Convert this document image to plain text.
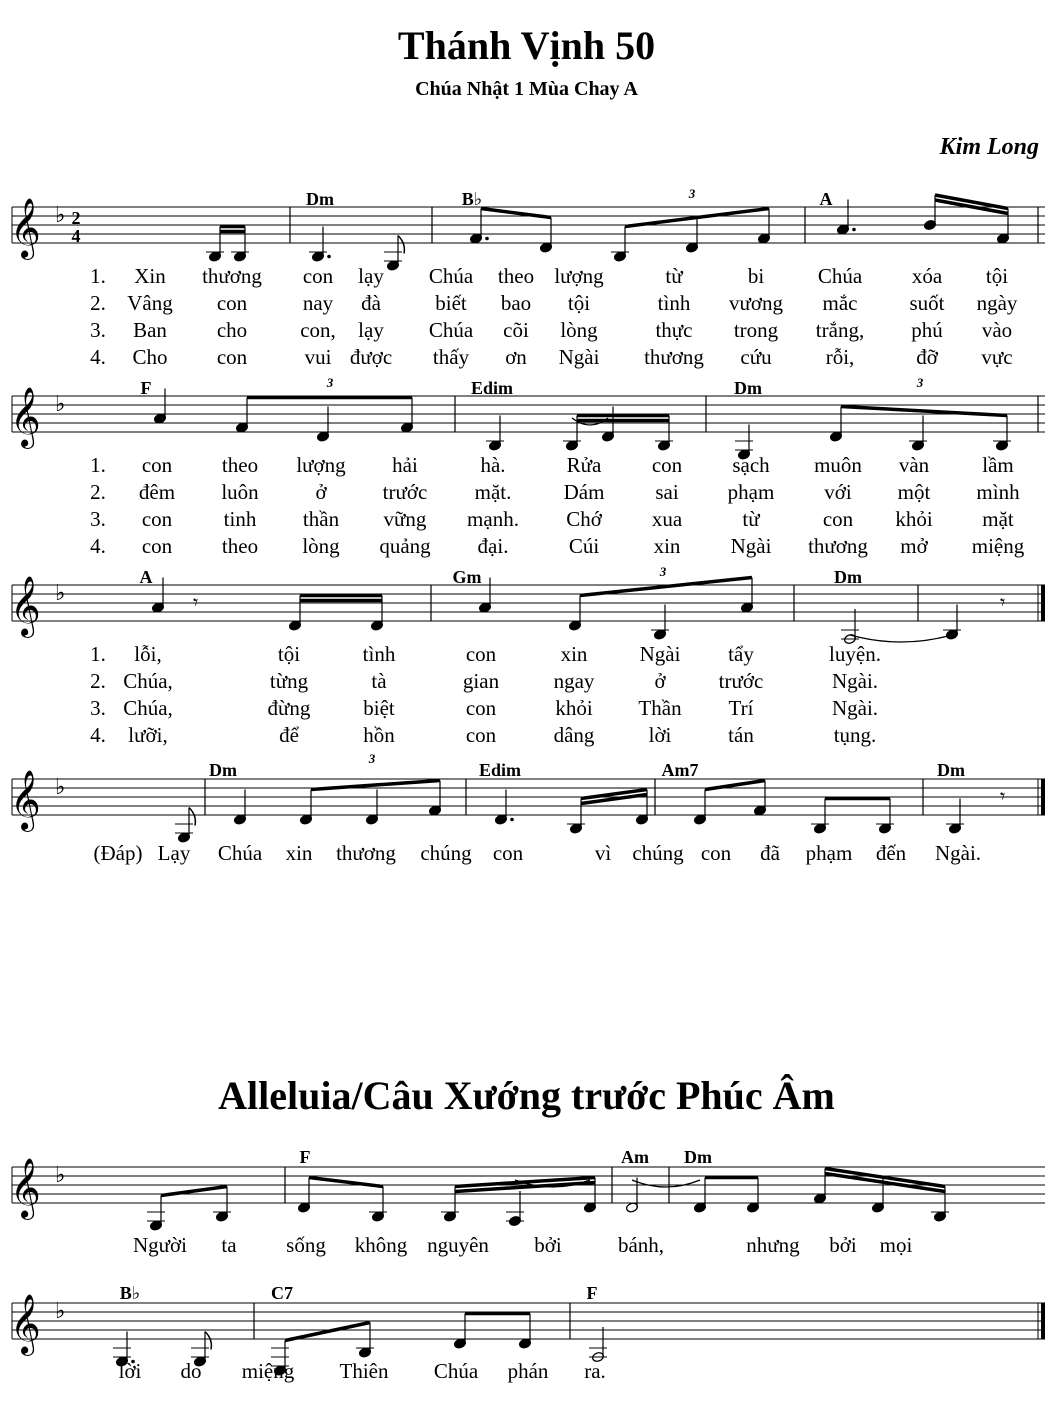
Thánh Vịnh 50
Chúa Nhật 1 Mùa Chay A
Kim Long
Alleluia/Câu Xướng trước Phúc Âm
𝄞 ♭ 2
4
3
Dm	B♭	A
1. Xin thương con lạy Chúa theo lượng	từ	bi	Chúa xóa tội
2. Vâng con	nay đà	biết bao tội	tình vương mắc suốt ngày
3. Ban cho	con, lạy Chúa cõi lòng	thực trong trắng, phú vào
4. Cho con	vui được thấy ơn Ngài thương cứu	rỗi,	đỡ vực
𝄞 ♭
3	3
F	Edim	Dm
1. con theo lượng hải	hà.	Rửa con sạch muôn vàn	lầm
2. đêm luôn	ở	trước mặt. Dám sai phạm với một mình
3. con tinh thần vững mạnh. Chớ xua	từ	con khỏi mặt
4. con theo lòng quảng đại.	Cúi	xin Ngài thương mở miệng
𝄞 ♭	𝄾
3
𝄾
A	Gm	Dm
1. lỗi,	tội	tình	con	xin Ngài tẩy	luyện.
2. Chúa,	từng	tà	gian	ngay	ở	trước	Ngài.
3. Chúa,	đừng	biệt	con	khỏi Thần Trí	Ngài.
4. lưỡi,	để	hồn	con	dâng	lời	tán	tụng.
𝄞 ♭
3
𝄾
Dm	Edim	Am7	Dm
(Đáp) Lạy Chúa xin thương chúng con	vì chúng con đã phạm đến Ngài.
𝄞 ♭
F	Am Dm
Người ta sống không nguyên bởi	bánh,	nhưng bởi mọi
𝄞 ♭
B♭	C7	F
lời do miệng Thiên Chúa phán ra.
